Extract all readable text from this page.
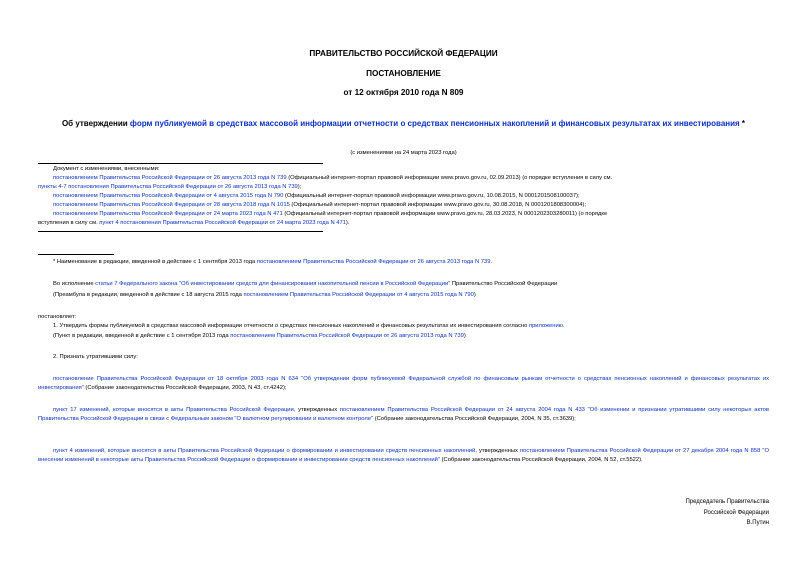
ПРАВИТЕЛЬСТВО РОССИЙСКОЙ ФЕДЕРАЦИИ
ПОСТАНОВЛЕНИЕ
от 12 октября 2010 года N 809
Об утверждении форм публикуемой в средствах массовой информации отчетности о средствах пенсионных накоплений и финансовых результатах их инвестирования *
(с изменениями на 24 марта 2023 года)
Документ с изменениями, внесенными:
постановлением Правительства Российской Федерации от 26 августа 2013 года N 739 (Официальный интернет-портал правовой информации www.pravo.gov.ru, 02.09.2013) (о порядке вступления в силу см.
пункты 4-7 постановления Правительства Российской Федерации от 26 августа 2013 года N 739);
постановлением Правительства Российской Федерации от 4 августа 2015 года N 790 (Официальный интернет-портал правовой информации www.pravo.gov.ru, 10.08.2015, N 0001201508100037);
постановлением Правительства Российской Федерации от 28 августа 2018 года N 1015 (Официальный интернет-портал правовой информации www.pravo.gov.ru, 30.08.2018, N 0001201808300004);
постановлением Правительства Российской Федерации от 24 марта 2023 года N 471 (Официальный интернет-портал правовой информации www.pravo.gov.ru, 28.03.2023, N 0001202303280011) (о порядке
вступления в силу см. пункт 4 постановления Правительства Российской Федерации от 24 марта 2023 года N 471).
* Наименование в редакции, введенной в действие с 1 сентября 2013 года постановлением Правительства Российской Федерации от 26 августа 2013 года N 739.
Во исполнение статьи 7 Федерального закона "Об инвестировании средств для финансирования накопительной пенсии в Российской Федерации" Правительство Российской Федерации
(Преамбула в редакции, введенной в действие с 18 августа 2015 года постановлением Правительства Российской Федерации от 4 августа 2015 года N 790)
постановляет:
1. Утвердить формы публикуемой в средствах массовой информации отчетности о средствах пенсионных накоплений и финансовых результатах их инвестирования согласно приложению.
(Пункт в редакции, введенной в действие с 1 сентября 2013 года постановлением Правительства Российской Федерации от 26 августа 2013 года N 739)
2. Признать утратившими силу:
постановление Правительства Российской Федерации от 18 октября 2003 года N 634 "Об утверждении форм публикуемой Федеральной службой по финансовым рынкам отчетности о средствах пенсионных накоплений и финансовых результатах их инвестирования" (Собрание законодательства Российской Федерации, 2003, N 43, ст.4242);
пункт 17 изменений, которые вносятся в акты Правительства Российской Федерации, утвержденных постановлением Правительства Российской Федерации от 24 августа 2004 года N 433 "Об изменении и признании утратившими силу некоторых актов Правительства Российской Федерации в связи с Федеральным законом "О валютном регулировании и валютном контроле" (Собрание законодательства Российской Федерации, 2004, N 35, ст.3639);
пункт 4 изменений, которые вносятся в акты Правительства Российской Федерации о формировании и инвестировании средств пенсионных накоплений, утвержденных постановлением Правительства Российской Федерации от 27 декабря 2004 года N 858 "О внесении изменений в некоторые акты Правительства Российской Федерации о формировании и инвестировании средств пенсионных накоплений" (Собрание законодательства Российской Федерации, 2004, N 52, ст.5522).
Председатель Правительства
Российской Федерации
В.Путин
